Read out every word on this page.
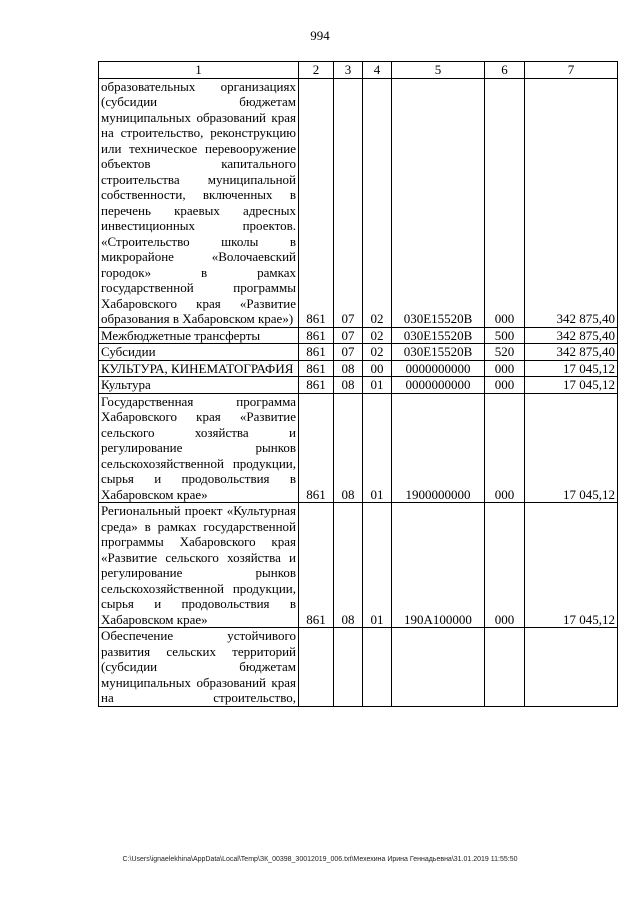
994
1	2	3	4	5	6	7
образовательных организациях (субсидии бюджетам муниципальных образований края на строительство, реконструкцию или техническое перевооружение объектов капитального строительства муниципальной собственности, включенных в перечень краевых адресных инвестиционных проектов. «Строительство школы в микрорайоне «Волочаевский городок» в рамках государственной программы Хабаровского края «Развитие образования в Хабаровском крае»)	861	07	02	030E15520B	000	342 875,40
Межбюджетные трансферты	861	07	02	030E15520B	500	342 875,40
Субсидии	861	07	02	030E15520B	520	342 875,40
КУЛЬТУРА, КИНЕМАТОГРАФИЯ	861	08	00	0000000000	000	17 045,12
Культура	861	08	01	0000000000	000	17 045,12
Государственная программа Хабаровского края «Развитие сельского хозяйства и регулирование рынков сельскохозяйственной продукции, сырья и продовольствия в Хабаровском крае»	861	08	01	1900000000	000	17 045,12
Региональный проект «Культурная среда» в рамках государственной программы Хабаровского края «Развитие сельского хозяйства и регулирование рынков сельскохозяйственной продукции, сырья и продовольствия в Хабаровском крае»	861	08	01	190A100000	000	17 045,12
Обеспечение устойчивого развития сельских территорий (субсидии бюджетам муниципальных образований края на строительство,						
C:\Users\ignaelekhina\AppData\Local\Temp\ЗК_00398_30012019_006.txt\Мехехина Ирина Геннадьевна\31.01.2019 11:55:50
